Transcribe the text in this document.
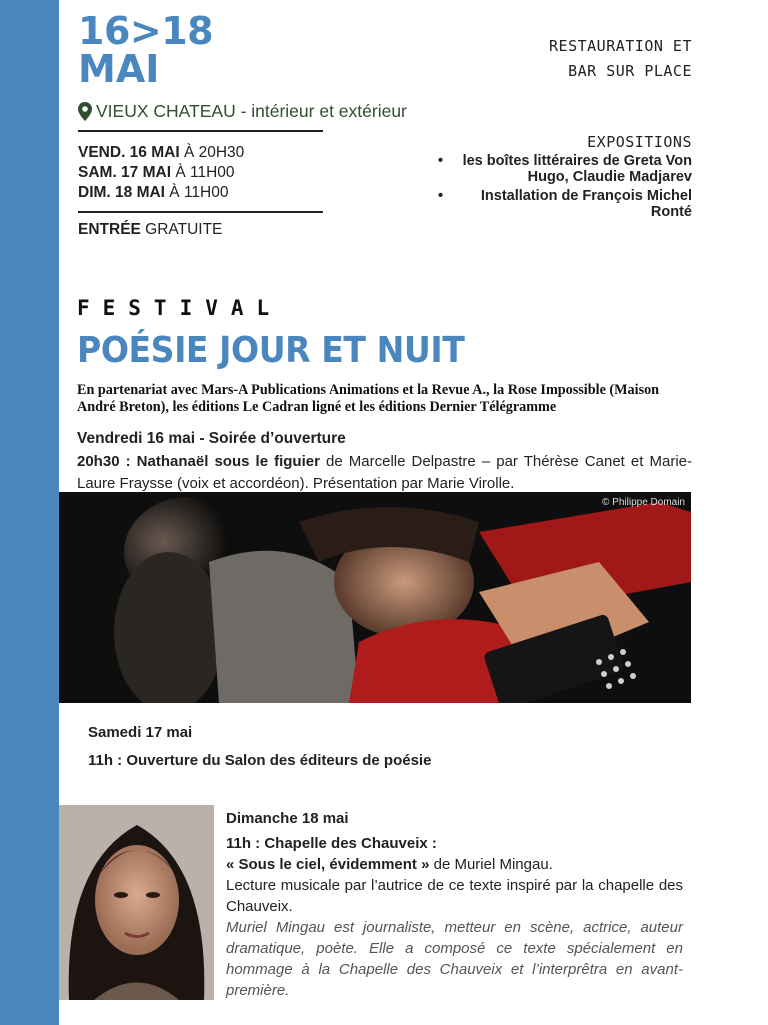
16>18
MAI
VIEUX CHATEAU - intérieur et extérieur
VEND. 16 MAI À 20H30
SAM. 17 MAI À 11H00
DIM. 18 MAI À 11H00
ENTRÉE GRATUITE
RESTAURATION ET
BAR SUR PLACE
EXPOSITIONS
• les boîtes littéraires de Greta Von Hugo, Claudie Madjarev
• Installation de François Michel Ronté
FESTIVAL
POÉSIE JOUR ET NUIT
En partenariat avec Mars-A Publications Animations et la Revue A., la Rose Impossible (Maison André Breton), les éditions Le Cadran ligné et les éditions Dernier Télégramme
Vendredi 16 mai - Soirée d’ouverture
20h30 : Nathanaël sous le figuier de Marcelle Delpastre – par Thérèse Canet et Marie-Laure Fraysse (voix et accordéon). Présentation par Marie Virolle.
© Philippe Domain
Samedi 17 mai
11h : Ouverture du Salon des éditeurs de poésie
Dimanche 18 mai
11h : Chapelle des Chauveix :
« Sous le ciel, évidemment » de Muriel Mingau.
Lecture musicale par l’autrice de ce texte inspiré par la chapelle des Chauveix.
Muriel Mingau est journaliste, metteur en scène, actrice, auteur dramatique, poète. Elle a composé ce texte spécialement en hommage à la Chapelle des Chauveix et l’interprêtra en avant-première.
